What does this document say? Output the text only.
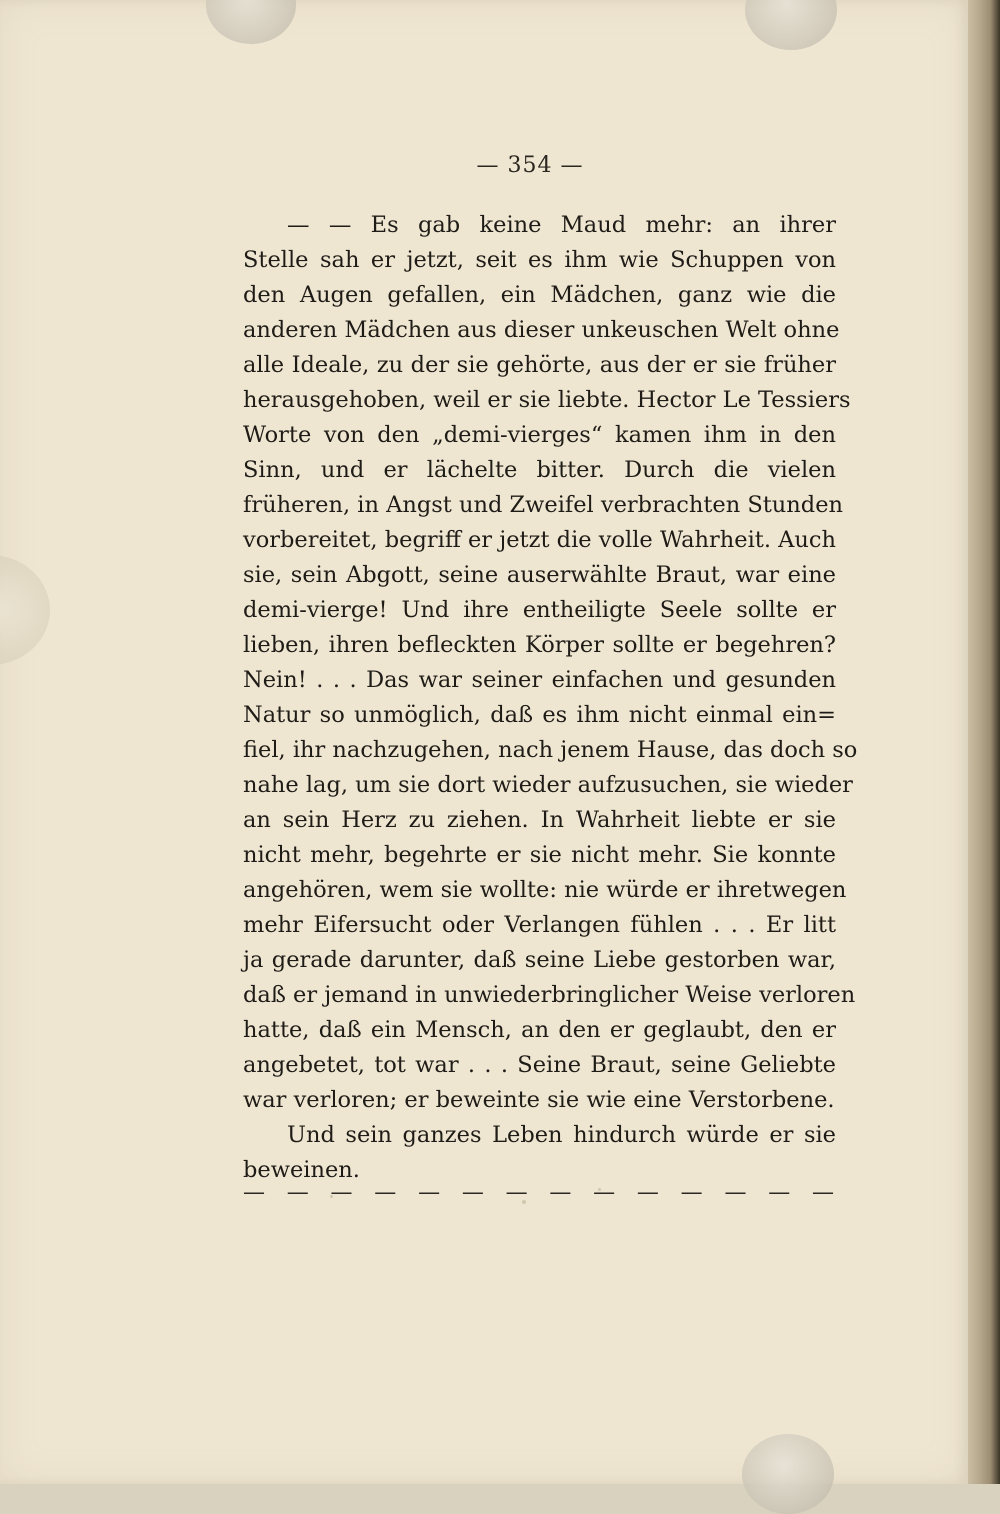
— 354 —

— — Es gab keine Maud mehr: an ihrer
Stelle sah er jetzt, seit es ihm wie Schuppen von
den Augen gefallen, ein Mädchen, ganz wie die
anderen Mädchen aus dieser unkeuschen Welt ohne
alle Ideale, zu der sie gehörte, aus der er sie früher
herausgehoben, weil er sie liebte. Hector Le Tessiers
Worte von den „demi-vierges“ kamen ihm in den
Sinn, und er lächelte bitter. Durch die vielen
früheren, in Angst und Zweifel verbrachten Stunden
vorbereitet, begriff er jetzt die volle Wahrheit. Auch
sie, sein Abgott, seine auserwählte Braut, war eine
demi-vierge! Und ihre entheiligte Seele sollte er
lieben, ihren befleckten Körper sollte er begehren?
Nein! . . . Das war seiner einfachen und gesunden
Natur so unmöglich, daß es ihm nicht einmal ein=
fiel, ihr nachzugehen, nach jenem Hause, das doch so
nahe lag, um sie dort wieder aufzusuchen, sie wieder
an sein Herz zu ziehen. In Wahrheit liebte er sie
nicht mehr, begehrte er sie nicht mehr. Sie konnte
angehören, wem sie wollte: nie würde er ihretwegen
mehr Eifersucht oder Verlangen fühlen . . . Er litt
ja gerade darunter, daß seine Liebe gestorben war,
daß er jemand in unwiederbringlicher Weise verloren
hatte, daß ein Mensch, an den er geglaubt, den er
angebetet, tot war . . . Seine Braut, seine Geliebte
war verloren; er beweinte sie wie eine Verstorbene.
Und sein ganzes Leben hindurch würde er sie
beweinen.
— — — — — — — — — — — — — —
